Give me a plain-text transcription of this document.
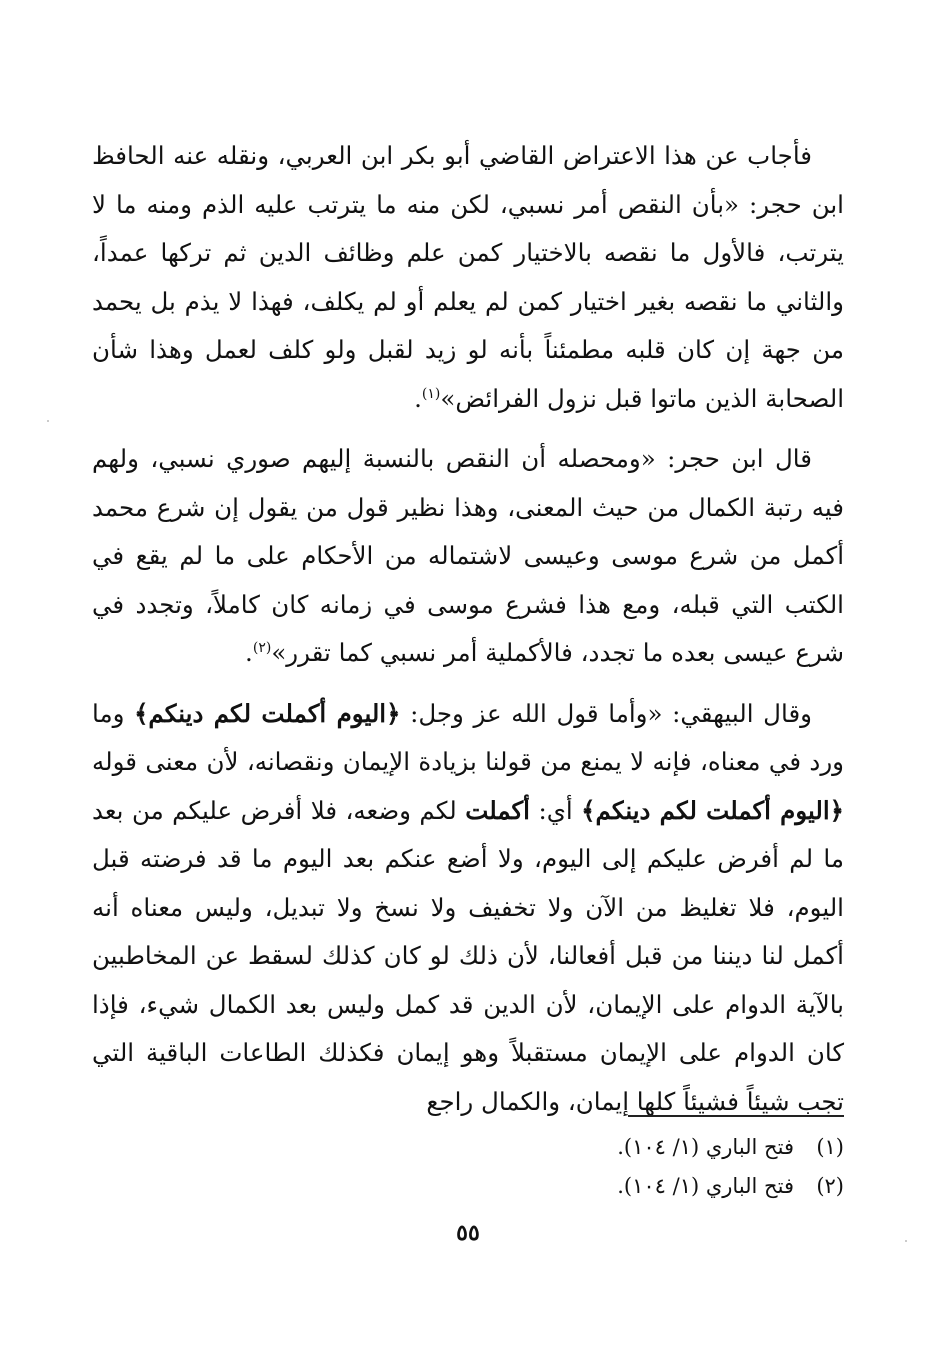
فأجاب عن هذا الاعتراض القاضي أبو بكر ابن العربي، ونقله عنه الحافظ ابن حجر: «بأن النقص أمر نسبي، لكن منه ما يترتب عليه الذم ومنه ما لا يترتب، فالأول ما نقصه بالاختيار كمن علم وظائف الدين ثم تركها عمداً، والثاني ما نقصه بغير اختيار كمن لم يعلم أو لم يكلف، فهذا لا يذم بل يحمد من جهة إن كان قلبه مطمئناً بأنه لو زيد لقبل ولو كلف لعمل وهذا شأن الصحابة الذين ماتوا قبل نزول الفرائض»$^{(١)}$.

قال ابن حجر: «ومحصله أن النقص بالنسبة إليهم صوري نسبي، ولهم فيه رتبة الكمال من حيث المعنى، وهذا نظير قول من يقول إن شرع محمد أكمل من شرع موسى وعيسى لاشتماله من الأحكام على ما لم يقع في الكتب التي قبله، ومع هذا فشرع موسى في زمانه كان كاملاً، وتجدد في شرع عيسى بعده ما تجدد، فالأكملية أمر نسبي كما تقرر»$^{(٢)}$.

وقال البيهقي: «وأما قول الله عز وجل: ﴿اليوم أكملت لكم دينكم﴾ وما ورد في معناه، فإنه لا يمنع من قولنا بزيادة الإيمان ونقصانه، لأن معنى قوله ﴿اليوم أكملت لكم دينكم﴾ أي: أكملت لكم وضعه، فلا أفرض عليكم من بعد ما لم أفرض عليكم إلى اليوم، ولا أضع عنكم بعد اليوم ما قد فرضته قبل اليوم، فلا تغليظ من الآن ولا تخفيف ولا نسخ ولا تبديل، وليس معناه أنه أكمل لنا ديننا من قبل أفعالنا، لأن ذلك لو كان كذلك لسقط عن المخاطبين بالآية الدوام على الإيمان، لأن الدين قد كمل وليس بعد الكمال شيء، فإذا كان الدوام على الإيمان مستقبلاً وهو إيمان فكذلك الطاعات الباقية التي تجب شيئاً فشيئاً كلها إيمان، والكمال راجع

(١)فتح الباري (١/ ١٠٤).
(٢)فتح الباري (١/ ١٠٤).
٥٥
